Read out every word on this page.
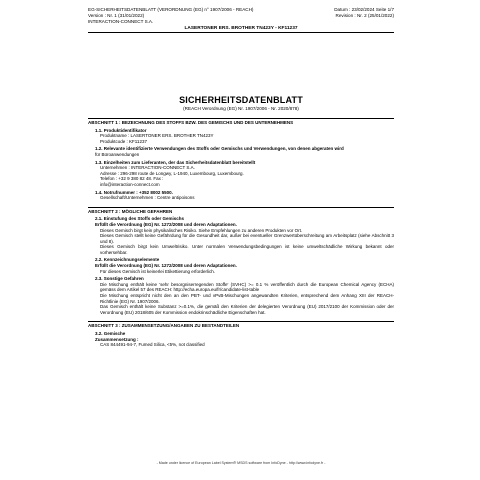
EG-SICHERHEITSDATENBLATT (VERORDNUNG (EG) n° 1907/2006 - REACH)
Version : Nr. 1 (31/01/2022)
INTERACTION-CONNECT S.A.
Datum : 23/02/2024 Seite 1/7
Revision : Nr. 2 (25/01/2022)
LASERTONER ERS. BROTHER TN423Y - KF11237
SICHERHEITSDATENBLATT
(REACH Verordnung (EG) Nr. 1907/2006 - Nr. 2020/878)
ABSCHNITT 1 : BEZEICHNUNG DES STOFFS BZW. DES GEMISCHS UND DES UNTERNEHMENS
1.1. Produktidentifikator
Produktname : LASERTONER ERS. BROTHER TN423Y
Produktcode : KF11237
1.2. Relevante identifizierte Verwendungen des Stoffs oder Gemischs und Verwendungen, von denen abgeraten wird
für Büroanwendungen
1.3. Einzelheiten zum Lieferanten, der das Sicherheitsdatenblatt bereitstellt
Unternehmen : INTERACTION-CONNECT S.A.
Adresse : 296-298 route de Longwy, L-1940, Luxembourg, Luxembourg.
Telefon : +32 9 380 82 48. Fax :
info@interaction-connect.com
1.4. Notrufnummer : +352 8002 5500.
Gesellschaft/Unternehmen : Centre antipoisons
ABSCHNITT 2 : MÖGLICHE GEFAHREN
2.1. Einstufung des Stoffs oder Gemischs
Erfüllt die Verordnung (EG) Nr. 1272/2008 und deren Adaptationen.
Dieses Gemisch birgt kein physikalisches Risiko. Siehe Empfehlungen zu anderen Produkten vor Ort.
Dieses Gemisch stellt keine Gefährdung für die Gesundheit dar, außer bei eventueller Grenzwertüberschreitung am Arbeitsplatz (siehe Abschnitt 3 und 8).
Dieses Gemisch birgt kein Umweltrisiko. Unter normalen Verwendungsbedingungen ist keine umweltschädliche Wirkung bekannt oder vorhersehbar.
2.2. Kennzeichnungselemente
Erfüllt die Verordnung (EG) Nr. 1272/2008 und deren Adaptationen.
Für dieses Gemisch ist keinerlei Etikettierung erforderlich.
2.3. Sonstige Gefahren
Die Mischung enthält keine 'sehr besorgniserregenden Stoffe' (SVHC) >= 0.1 % veröffentlich durch die European Chemical Agency (ECHA) gemäss dem Artikel 57 des REACH: http://echa.europa.eu/fr/candidate-list-table
Die Mischung entspricht nicht den an den PBT- und vPvB-Mischungen angewandten Kriterien, entsprechend dem Anhang XIII der REACH-Richtlinie (EG) Nr. 1907/2006.
Das Gemisch enthält keine Substanz >=0.1%, die gemäß den Kriterien der delegierten Verordnung (EU) 2017/2100 der Kommission oder der Verordnung (EU) 2018/605 der Kommission endokrinschädliche Eigenschaften hat.
ABSCHNITT 3 : ZUSAMMENSETZUNG/ANGABEN ZU BESTANDTEILEN
3.2. Gemische
Zusammensetzung :
CAS 844491-94-7, Fumed Silica, <5%, not classified
- Made under licence of European Label System® MSDS software from InfoDyne - http://www.infodyne.fr -
